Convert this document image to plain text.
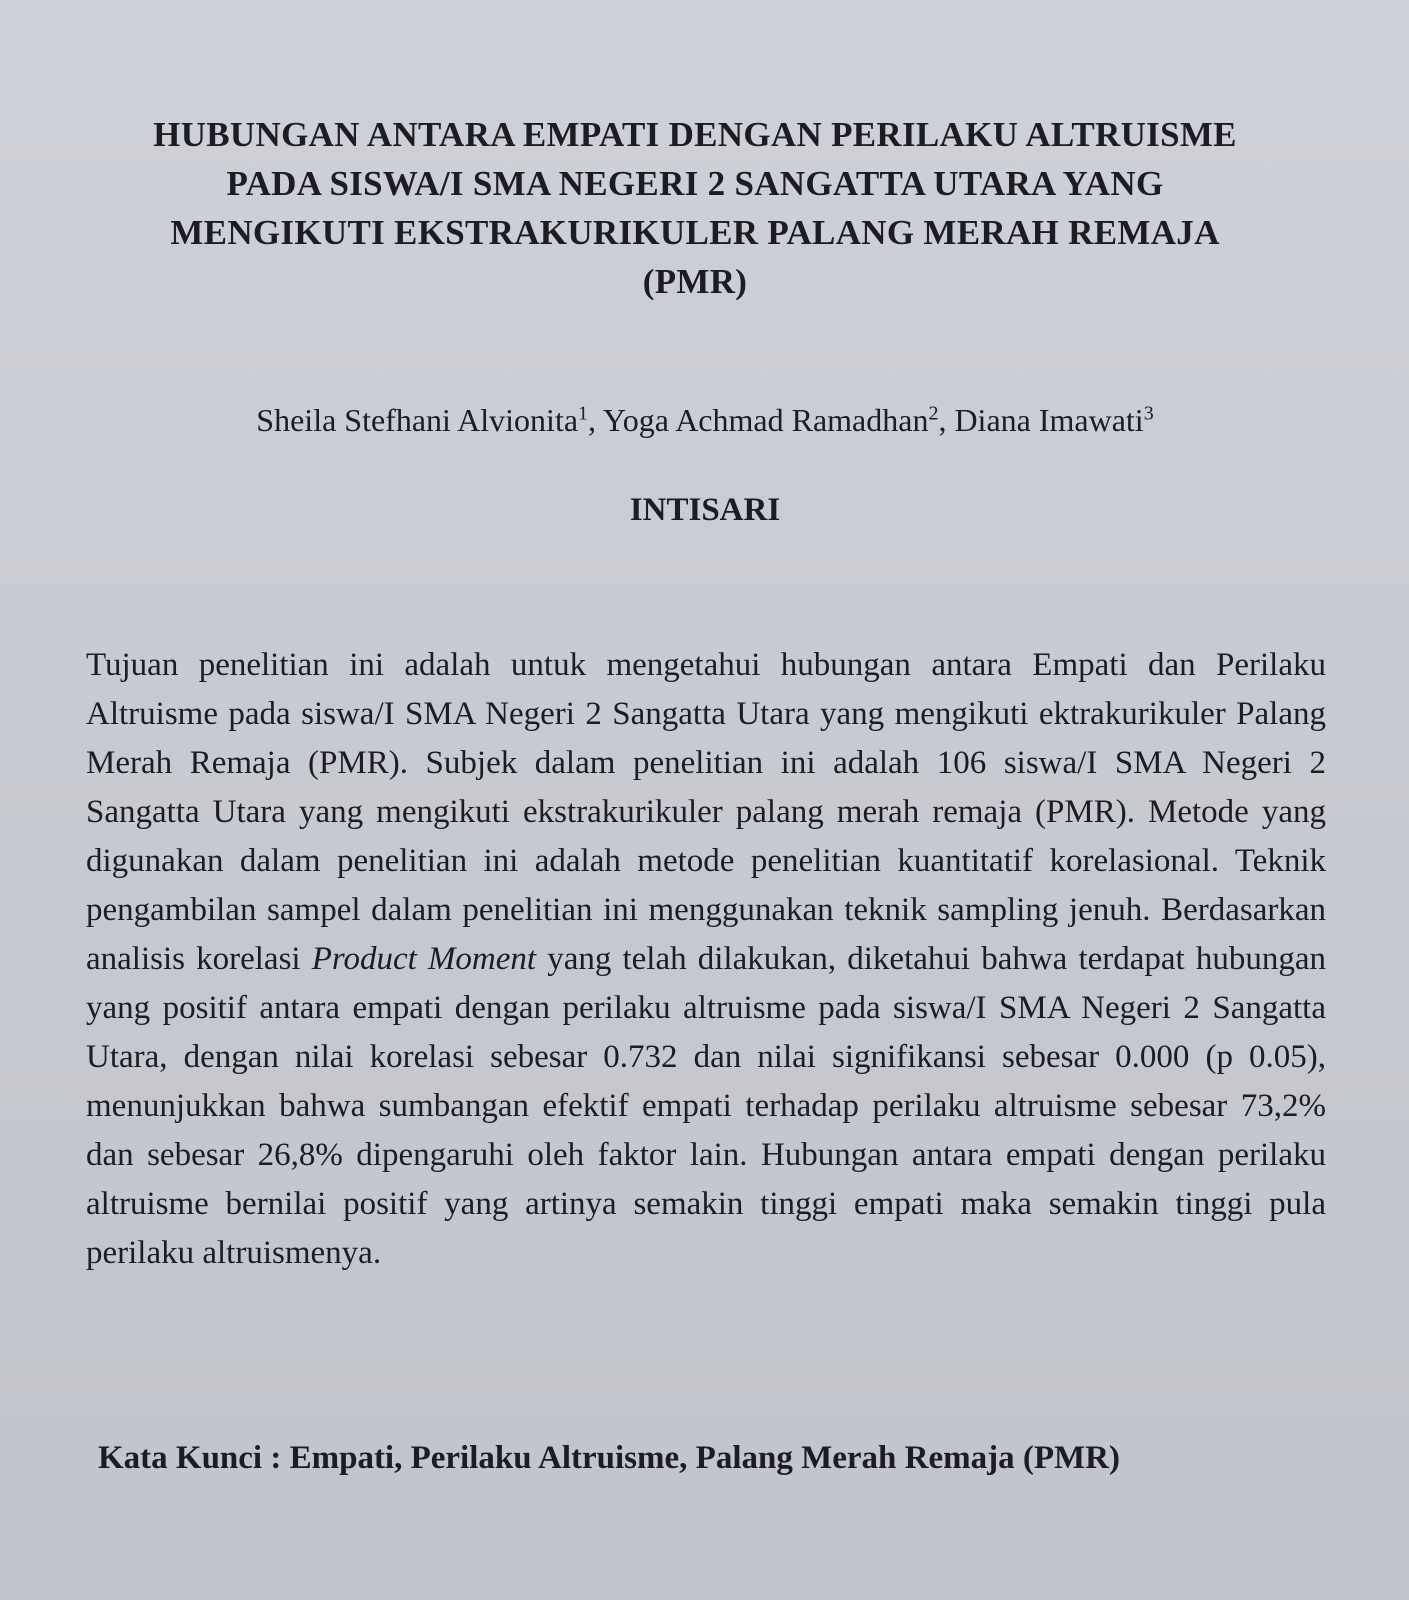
HUBUNGAN ANTARA EMPATI DENGAN PERILAKU ALTRUISME
PADA SISWA/I SMA NEGERI 2 SANGATTA UTARA YANG
MENGIKUTI EKSTRAKURIKULER PALANG MERAH REMAJA
(PMR)
Sheila Stefhani Alvionita$^1$, Yoga Achmad Ramadhan$^2$, Diana Imawati$^3$
INTISARI

Tujuan penelitian ini adalah untuk mengetahui hubungan antara Empati dan Perilaku Altruisme pada siswa/I SMA Negeri 2 Sangatta Utara yang mengikuti ektrakurikuler Palang Merah Remaja (PMR). Subjek dalam penelitian ini adalah 106 siswa/I SMA Negeri 2 Sangatta Utara yang mengikuti ekstrakurikuler palang merah remaja (PMR). Metode yang digunakan dalam penelitian ini adalah metode penelitian kuantitatif korelasional. Teknik pengambilan sampel dalam penelitian ini menggunakan teknik sampling jenuh. Berdasarkan analisis korelasi Product Moment yang telah dilakukan, diketahui bahwa terdapat hubungan yang positif antara empati dengan perilaku altruisme pada siswa/I SMA Negeri 2 Sangatta Utara, dengan nilai korelasi sebesar 0.732 dan nilai signifikansi sebesar 0.000 (p 0.05), menunjukkan bahwa sumbangan efektif empati terhadap perilaku altruisme sebesar 73,2% dan sebesar 26,8% dipengaruhi oleh faktor lain. Hubungan antara empati dengan perilaku altruisme bernilai positif yang artinya semakin tinggi empati maka semakin tinggi pula perilaku altruismenya.

Kata Kunci : Empati, Perilaku Altruisme, Palang Merah Remaja (PMR)
